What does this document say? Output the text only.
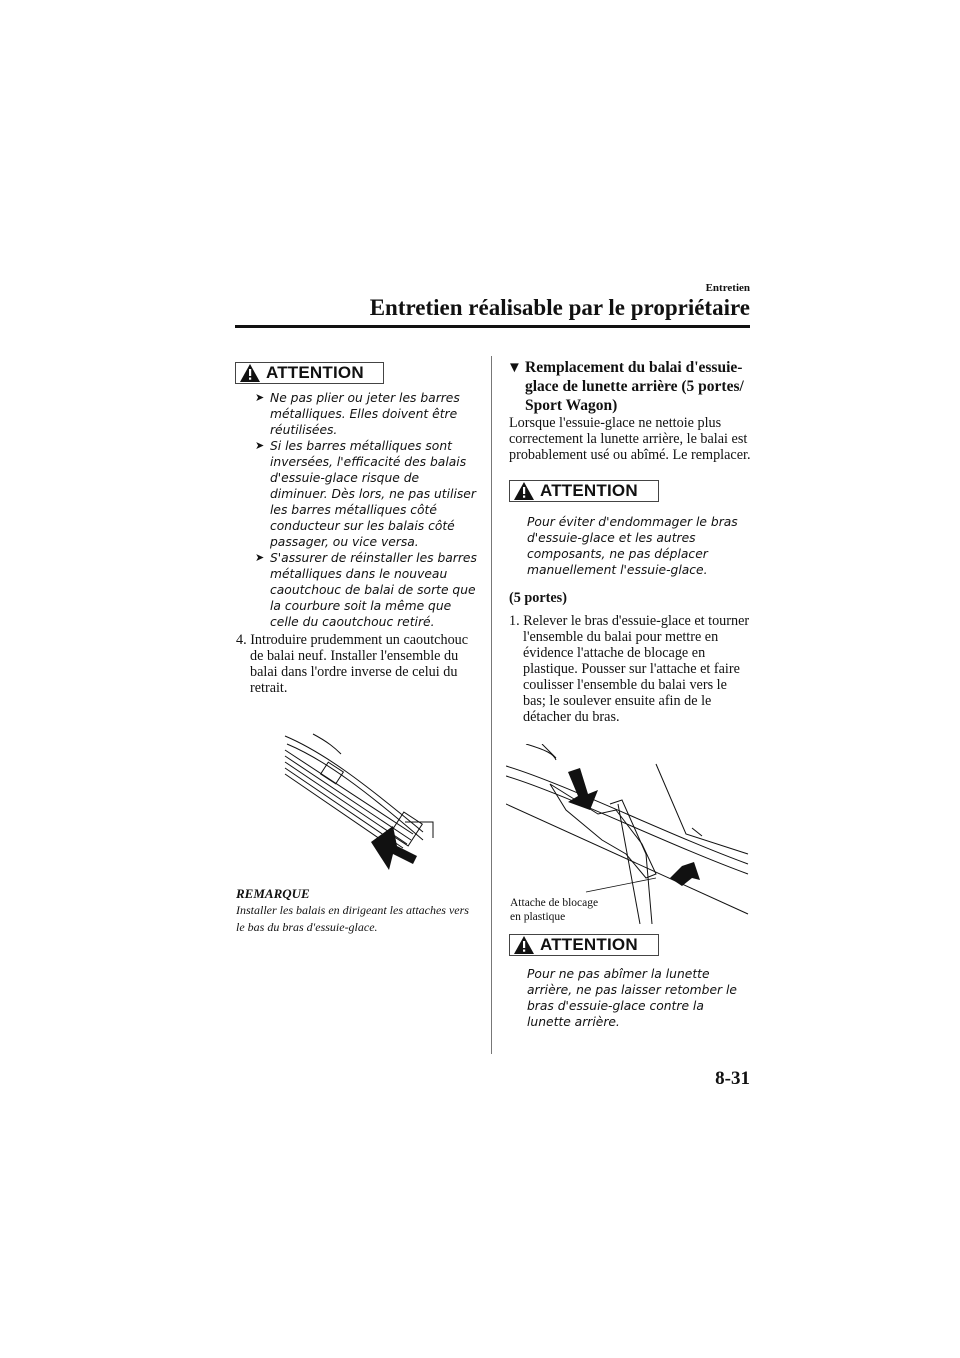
Entretien
Entretien réalisable par le propriétaire
ATTENTION

➤ Ne pas plier ou jeter les barres métalliques. Elles doivent être réutilisées.

➤ Si les barres métalliques sont inversées, l'efficacité des balais d'essuie-glace risque de diminuer. Dès lors, ne pas utiliser les barres métalliques côté conducteur sur les balais côté passager, ou vice versa.

➤ S'assurer de réinstaller les barres métalliques dans le nouveau caoutchouc de balai de sorte que la courbure soit la même que celle du caoutchouc retiré.

4. Introduire prudemment un caoutchouc de balai neuf. Installer l'ensemble du balai dans l'ordre inverse de celui du retrait.

REMARQUE
Installer les balais en dirigeant les attaches vers le bas du bras d'essuie-glace.
▼ Remplacement du balai d'essuie-glace de lunette arrière (5 portes/ Sport Wagon)
Lorsque l'essuie-glace ne nettoie plus correctement la lunette arrière, le balai est probablement usé ou abîmé. Le remplacer.
ATTENTION
Pour éviter d'endommager le bras d'essuie-glace et les autres composants, ne pas déplacer manuellement l'essuie-glace.
(5 portes)

1. Relever le bras d'essuie-glace et tourner l'ensemble du balai pour mettre en évidence l'attache de blocage en plastique. Pousser sur l'attache et faire coulisser l'ensemble du balai vers le bas; le soulever ensuite afin de le détacher du bras.

Attache de blocage
en plastique
ATTENTION
Pour ne pas abîmer la lunette arrière, ne pas laisser retomber le bras d'essuie-glace contre la lunette arrière.
8-31
